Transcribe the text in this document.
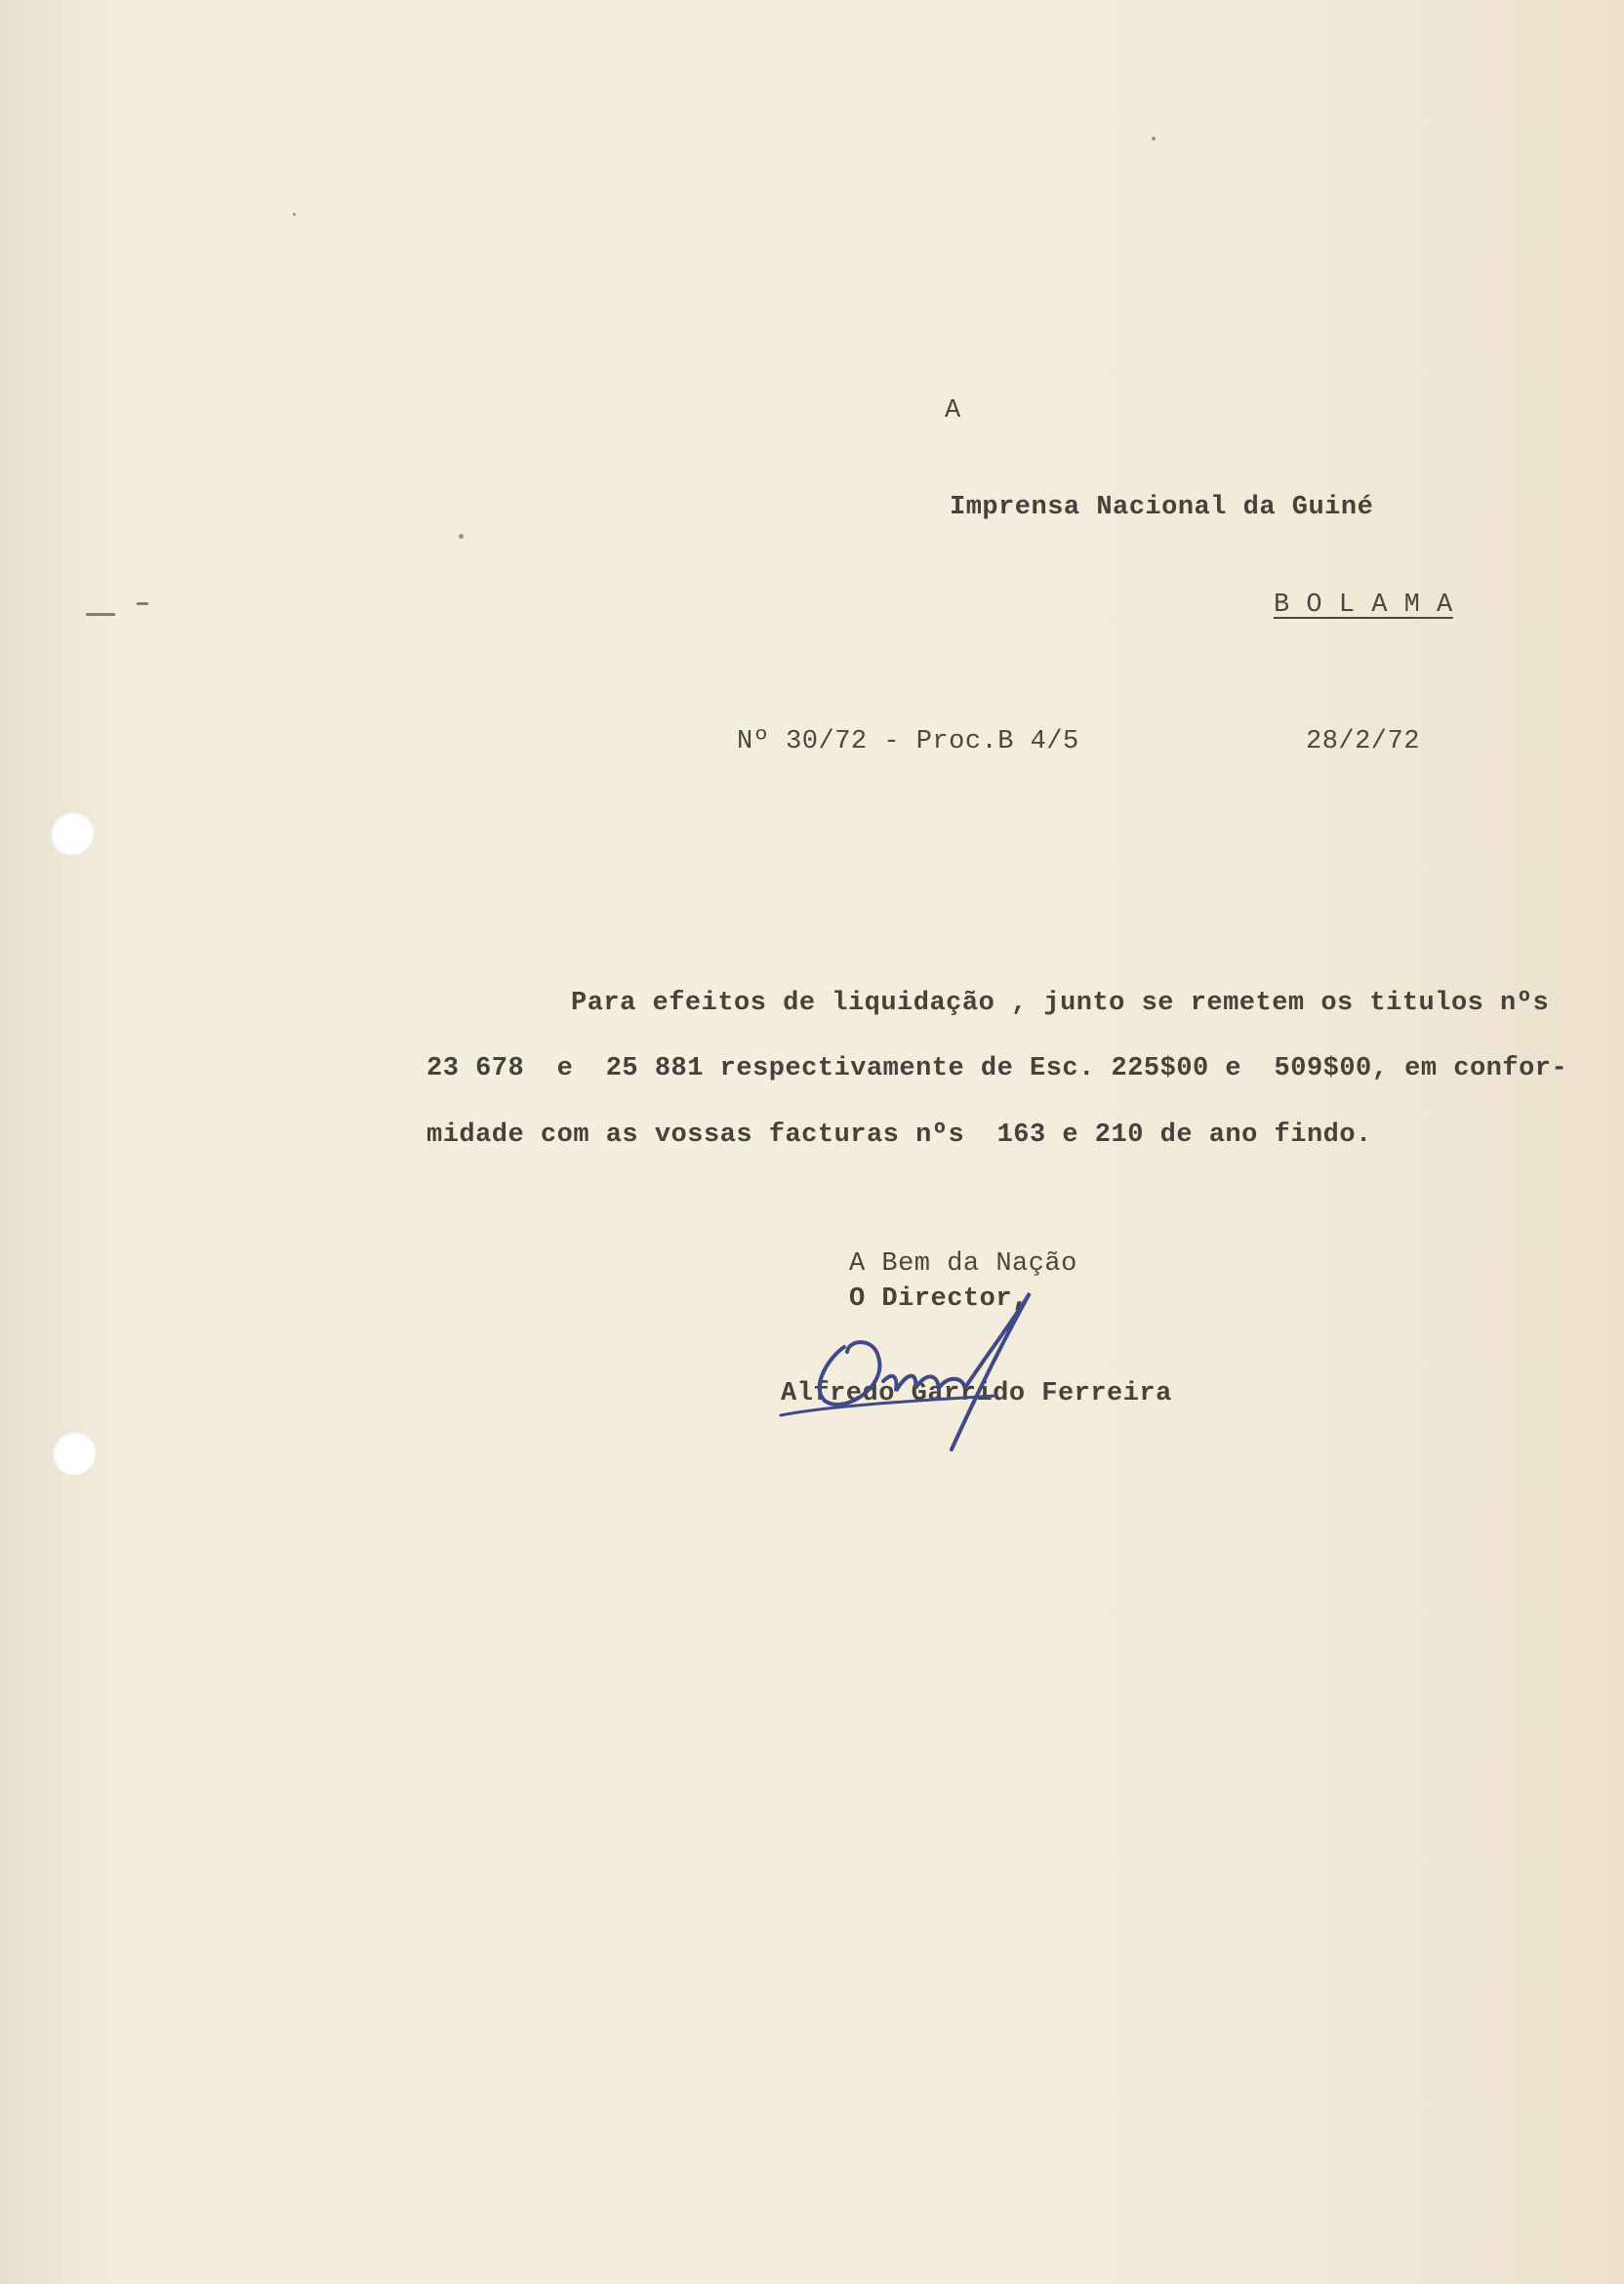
A
Imprensa Nacional da Guiné
B O L A M A
Nº 30/72 - Proc.B 4/5	28/2/72
Para efeitos de liquidação , junto se remetem os titulos nºs
23 678  e  25 881 respectivamente de Esc. 225$00 e  509$00, em confor-
midade com as vossas facturas nºs  163 e 210 de ano findo.
A Bem da Nação
O Director,
Alfredo Garrido Ferreira
